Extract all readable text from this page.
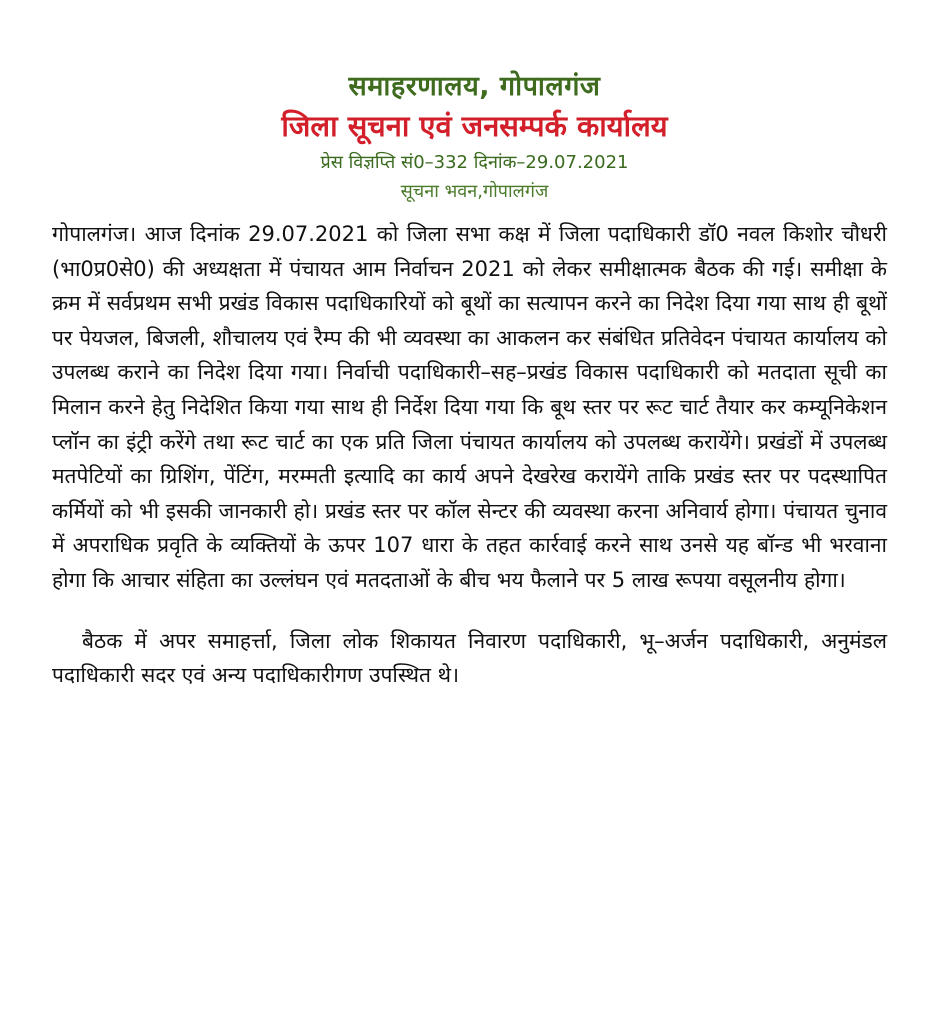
समाहरणालय, गोपालगंज
जिला सूचना एवं जनसम्पर्क कार्यालय
प्रेस विज्ञप्ति सं0–332 दिनांक–29.07.2021
सूचना भवन,गोपालगंज

गोपालगंज। आज दिनांक 29.07.2021 को जिला सभा कक्ष में जिला पदाधिकारी डॉ0 नवल किशोर चौधरी (भा0प्र0से0) की अध्यक्षता में पंचायत आम निर्वाचन 2021 को लेकर समीक्षात्मक बैठक की गई। समीक्षा के क्रम में सर्वप्रथम सभी प्रखंड विकास पदाधिकारियों को बूथों का सत्यापन करने का निदेश दिया गया साथ ही बूथों पर पेयजल, बिजली, शौचालय एवं रैम्प की भी व्यवस्था का आकलन कर संबंधित प्रतिवेदन पंचायत कार्यालय को उपलब्ध कराने का निदेश दिया गया। निर्वाची पदाधिकारी–सह–प्रखंड विकास पदाधिकारी को मतदाता सूची का मिलान करने हेतु निदेशित किया गया साथ ही निर्देश दिया गया कि बूथ स्तर पर रूट चार्ट तैयार कर कम्यूनिकेशन प्लॉन का इंट्री करेंगे तथा रूट चार्ट का एक प्रति जिला पंचायत कार्यालय को उपलब्ध करायेंगे। प्रखंडों में उपलब्ध मतपेटियों का ग्रिशिंग, पेंटिंग, मरम्मती इत्यादि का कार्य अपने देखरेख करायेंगे ताकि प्रखंड स्तर पर पदस्थापित कर्मियों को भी इसकी जानकारी हो। प्रखंड स्तर पर कॉल सेन्टर की व्यवस्था करना अनिवार्य होगा। पंचायत चुनाव में अपराधिक प्रवृति के व्यक्तियों के ऊपर 107 धारा के तहत कार्रवाई करने साथ उनसे यह बॉन्ड भी भरवाना होगा कि आचार संहिता का उल्लंघन एवं मतदताओं के बीच भय फैलाने पर 5 लाख रूपया वसूलनीय होगा।

बैठक में अपर समाहर्त्ता, जिला लोक शिकायत निवारण पदाधिकारी, भू–अर्जन पदाधिकारी, अनुमंडल पदाधिकारी सदर एवं अन्य पदाधिकारीगण उपस्थित थे।
